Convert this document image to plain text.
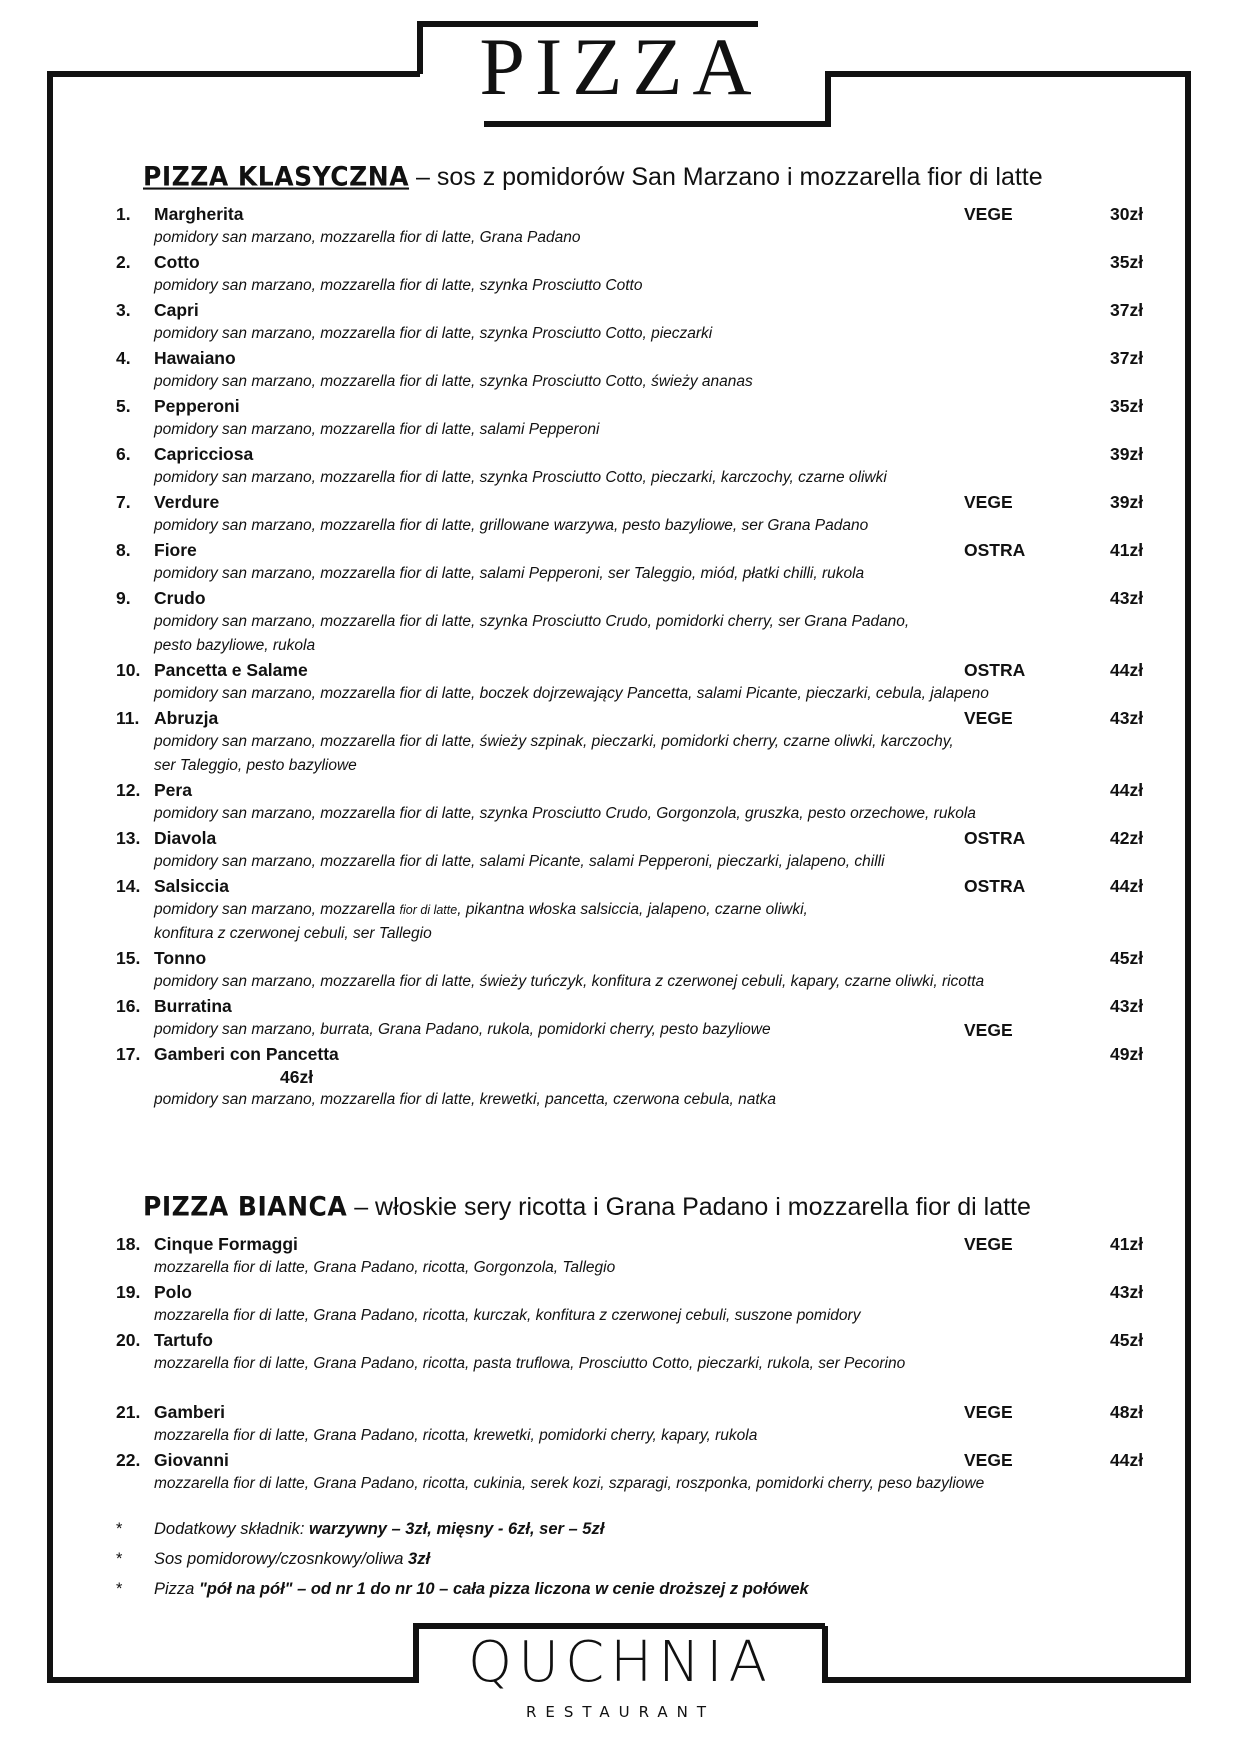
PIZZA
PIZZA KLASYCZNA – sos z pomidorów San Marzano i mozzarella fior di latte
1. Margherita	VEGE	30zł
pomidory san marzano, mozzarella fior di latte, Grana Padano
2. Cotto	35zł
pomidory san marzano, mozzarella fior di latte, szynka Prosciutto Cotto
3. Capri	37zł
pomidory san marzano, mozzarella fior di latte, szynka Prosciutto Cotto, pieczarki
4. Hawaiano	37zł
pomidory san marzano, mozzarella fior di latte, szynka Prosciutto Cotto, świeży ananas
5. Pepperoni	35zł
pomidory san marzano, mozzarella fior di latte, salami Pepperoni
6. Capricciosa	39zł
pomidory san marzano, mozzarella fior di latte, szynka Prosciutto Cotto, pieczarki, karczochy, czarne oliwki
7. Verdure	VEGE	39zł
pomidory san marzano, mozzarella fior di latte, grillowane warzywa, pesto bazyliowe, ser Grana Padano
8. Fiore	OSTRA	41zł
pomidory san marzano, mozzarella fior di latte, salami Pepperoni, ser Taleggio, miód, płatki chilli, rukola
9. Crudo	43zł
pomidory san marzano, mozzarella fior di latte, szynka Prosciutto Crudo, pomidorki cherry, ser Grana Padano,
pesto bazyliowe, rukola
10. Pancetta e Salame	OSTRA	44zł
pomidory san marzano, mozzarella fior di latte, boczek dojrzewający Pancetta, salami Picante, pieczarki, cebula, jalapeno
11. Abruzja	VEGE	43zł
pomidory san marzano, mozzarella fior di latte, świeży szpinak, pieczarki, pomidorki cherry, czarne oliwki, karczochy,
ser Taleggio, pesto bazyliowe
12. Pera	44zł
pomidory san marzano, mozzarella fior di latte, szynka Prosciutto Crudo, Gorgonzola, gruszka, pesto orzechowe, rukola
13. Diavola	OSTRA	42zł
pomidory san marzano, mozzarella fior di latte, salami Picante, salami Pepperoni, pieczarki, jalapeno, chilli
14. Salsiccia	OSTRA	44zł
pomidory san marzano, mozzarella fior di latte, pikantna włoska salsiccia, jalapeno, czarne oliwki,
konfitura z czerwonej cebuli, ser Tallegio
15. Tonno	45zł
pomidory san marzano, mozzarella fior di latte, świeży tuńczyk, konfitura z czerwonej cebuli, kapary, czarne oliwki, ricotta
16. Burratina	43zł
pomidory san marzano, burrata, Grana Padano, rukola, pomidorki cherry, pesto bazyliowe	VEGE
17. Gamberi con Pancetta	49zł
46zł
pomidory san marzano, mozzarella fior di latte, krewetki, pancetta, czerwona cebula, natka
PIZZA BIANCA – włoskie sery ricotta i Grana Padano i mozzarella fior di latte
18. Cinque Formaggi	VEGE	41zł
mozzarella fior di latte, Grana Padano, ricotta, Gorgonzola, Tallegio
19. Polo	43zł
mozzarella fior di latte, Grana Padano, ricotta, kurczak, konfitura z czerwonej cebuli, suszone pomidory
20. Tartufo	45zł
mozzarella fior di latte, Grana Padano, ricotta, pasta truflowa, Prosciutto Cotto, pieczarki, rukola, ser Pecorino
21. Gamberi	VEGE	48zł
mozzarella fior di latte, Grana Padano, ricotta, krewetki, pomidorki cherry, kapary, rukola
22. Giovanni	VEGE	44zł
mozzarella fior di latte, Grana Padano, ricotta, cukinia, serek kozi, szparagi, roszponka, pomidorki cherry, peso bazyliowe
* Dodatkowy składnik: warzywny – 3zł, mięsny - 6zł, ser – 5zł
* Sos pomidorowy/czosnkowy/oliwa 3zł
* Pizza "pół na pół" – od nr 1 do nr 10 – cała pizza liczona w cenie droższej z połówek
QUCHNIA
RESTAURANT
